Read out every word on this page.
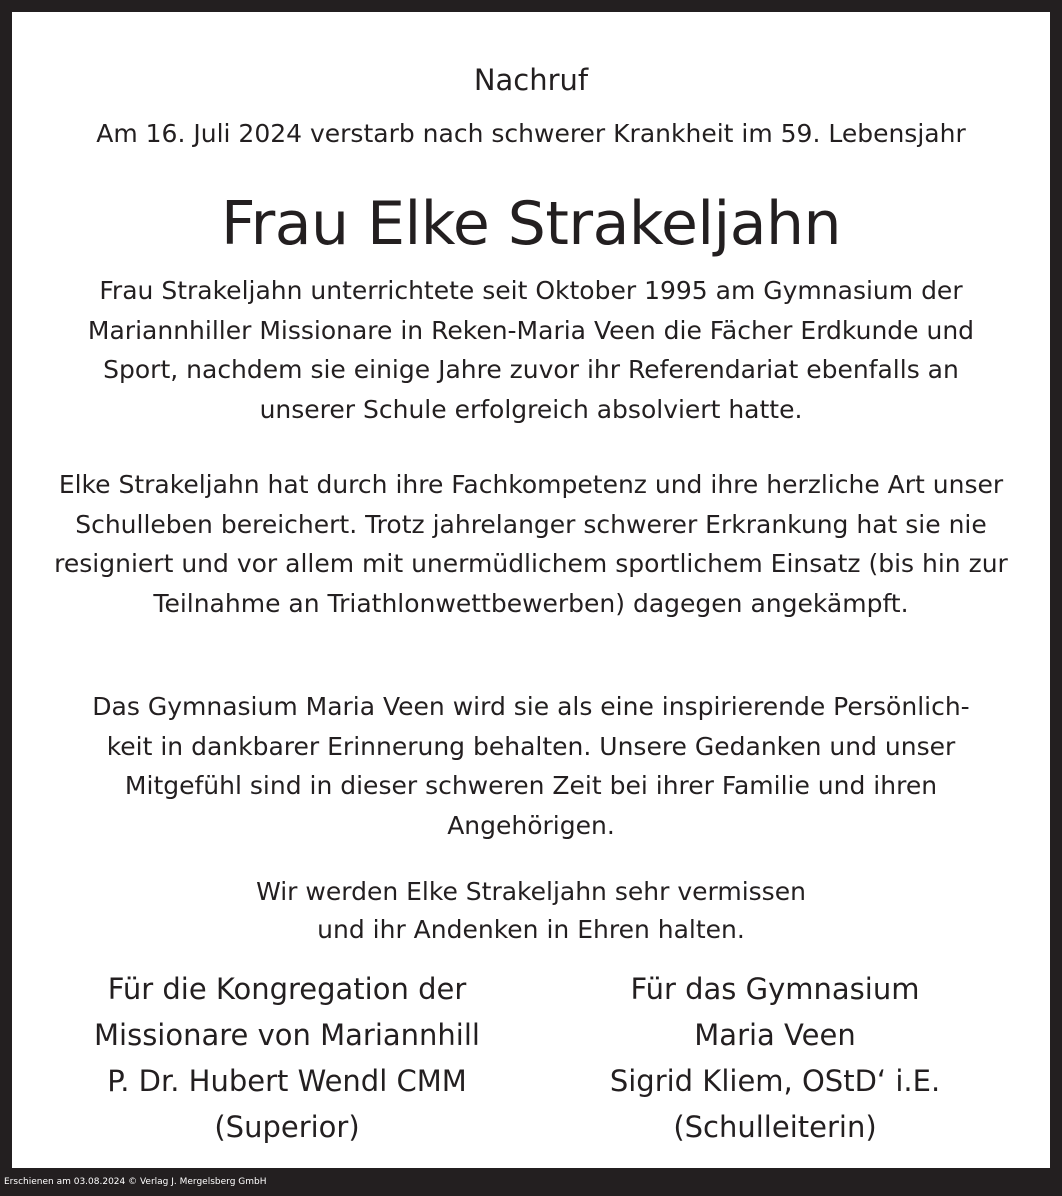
Nachruf
Am 16. Juli 2024 verstarb nach schwerer Krankheit im 59. Lebensjahr
Frau Elke Strakeljahn
Frau Strakeljahn unterrichtete seit Oktober 1995 am Gymnasium der Mariannhiller Missionare in Reken-Maria Veen die Fächer Erdkunde und Sport, nachdem sie einige Jahre zuvor ihr Referendariat ebenfalls an unserer Schule erfolgreich absolviert hatte.
Elke Strakeljahn hat durch ihre Fachkompetenz und ihre herzliche Art unser Schulleben bereichert. Trotz jahrelanger schwerer Erkrankung hat sie nie resigniert und vor allem mit unermüdlichem sportlichem Einsatz (bis hin zur Teilnahme an Triathlonwettbewerben) dagegen angekämpft.
Das Gymnasium Maria Veen wird sie als eine inspirierende Persönlich-
keit in dankbarer Erinnerung behalten. Unsere Gedanken und unser Mitgefühl sind in dieser schweren Zeit bei ihrer Familie und ihren Angehörigen.
Wir werden Elke Strakeljahn sehr vermissen
und ihr Andenken in Ehren halten.
Für die Kongregation der
Missionare von Mariannhill
P. Dr. Hubert Wendl CMM
(Superior)
Für das Gymnasium
Maria Veen
Sigrid Kliem, OStD‘ i.E.
(Schulleiterin)
Erschienen am 03.08.2024 © Verlag J. Mergelsberg GmbH
